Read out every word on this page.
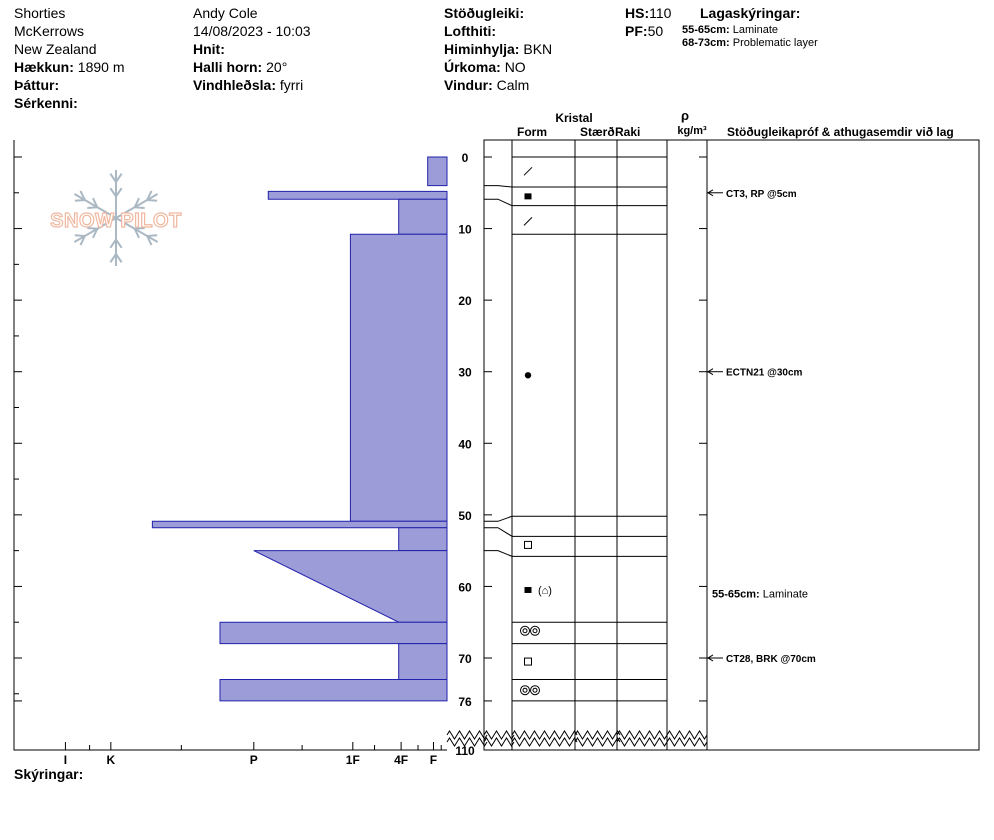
Shorties
McKerrows
New Zealand
Hækkun: 1890 m
Þáttur:
Sérkenni:
Andy Cole
14/08/2023 - 10:03
Hnit:
Halli horn: 20°
Vindhleðsla: fyrri
Stöðugleiki:
Lofthiti:
Himinhylja: BKN
Úrkoma: NO
Vindur: Calm
HS:110
PF:50
Lagaskýringar:
55-65cm: Laminate
68-73cm: Problematic layer
Skýringar:
SNOW PILOT
I	K	P	1F	4F F
0
10
20
30
40
50
60
70
76
110
(⌂)
CT3, RP @5cm
ECTN21 @30cm
CT28, BRK @70cm
55-65cm: Laminate
Kristal
Form	Stærð Raki
ρ
kg/m³ Stöðugleikapróf & athugasemdir við lag
